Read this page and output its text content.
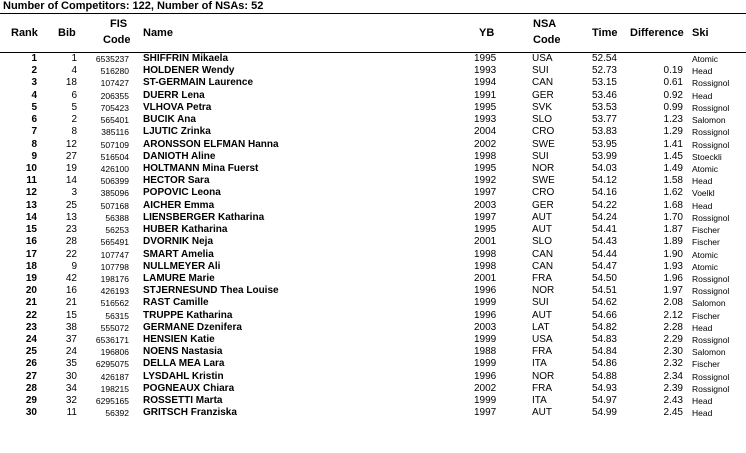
Number of Competitors: 122, Number of NSAs: 52
Rank Bib
FIS
Code
Name	YB
NSA
Code
Time Difference Ski
1	1	6535237 SHIFFRIN Mikaela	1995	USA	52.54	Atomic
2	4	516280 HOLDENER Wendy	1993	SUI	52.73	0.19 Head
3	18	107427 ST-GERMAIN Laurence	1994	CAN	53.15	0.61 Rossignol
4	6	206355 DUERR Lena	1991	GER	53.46	0.92 Head
5	5	705423 VLHOVA Petra	1995	SVK	53.53	0.99 Rossignol
6	2	565401 BUCIK Ana	1993	SLO	53.77	1.23 Salomon
7	8	385116 LJUTIC Zrinka	2004	CRO	53.83	1.29 Rossignol
8	12	507109 ARONSSON ELFMAN Hanna	2002	SWE	53.95	1.41 Rossignol
9	27	516504 DANIOTH Aline	1998	SUI	53.99	1.45 Stoeckli
10	19	426100 HOLTMANN Mina Fuerst	1995	NOR	54.03	1.49 Atomic
11	14	506399 HECTOR Sara	1992	SWE	54.12	1.58 Head
12	3	385096 POPOVIC Leona	1997	CRO	54.16	1.62 Voelkl
13	25	507168 AICHER Emma	2003	GER	54.22	1.68 Head
14	13	56388 LIENSBERGER Katharina	1997	AUT	54.24	1.70 Rossignol
15	23	56253 HUBER Katharina	1995	AUT	54.41	1.87 Fischer
16	28	565491 DVORNIK Neja	2001	SLO	54.43	1.89 Fischer
17	22	107747 SMART Amelia	1998	CAN	54.44	1.90 Atomic
18	9	107798 NULLMEYER Ali	1998	CAN	54.47	1.93 Atomic
19	42	198176 LAMURE Marie	2001	FRA	54.50	1.96 Rossignol
20	16	426193 STJERNESUND Thea Louise	1996	NOR	54.51	1.97 Rossignol
21	21	516562 RAST Camille	1999	SUI	54.62	2.08 Salomon
22	15	56315 TRUPPE Katharina	1996	AUT	54.66	2.12 Fischer
23	38	555072 GERMANE Dzenifera	2003	LAT	54.82	2.28 Head
24	37	6536171 HENSIEN Katie	1999	USA	54.83	2.29 Rossignol
25	24	196806 NOENS Nastasia	1988	FRA	54.84	2.30 Salomon
26	35	6295075 DELLA MEA Lara	1999	ITA	54.86	2.32 Fischer
27	30	426187 LYSDAHL Kristin	1996	NOR	54.88	2.34 Rossignol
28	34	198215 POGNEAUX Chiara	2002	FRA	54.93	2.39 Rossignol
29	32	6295165 ROSSETTI Marta	1999	ITA	54.97	2.43 Head
30	11	56392 GRITSCH Franziska	1997	AUT	54.99	2.45 Head
